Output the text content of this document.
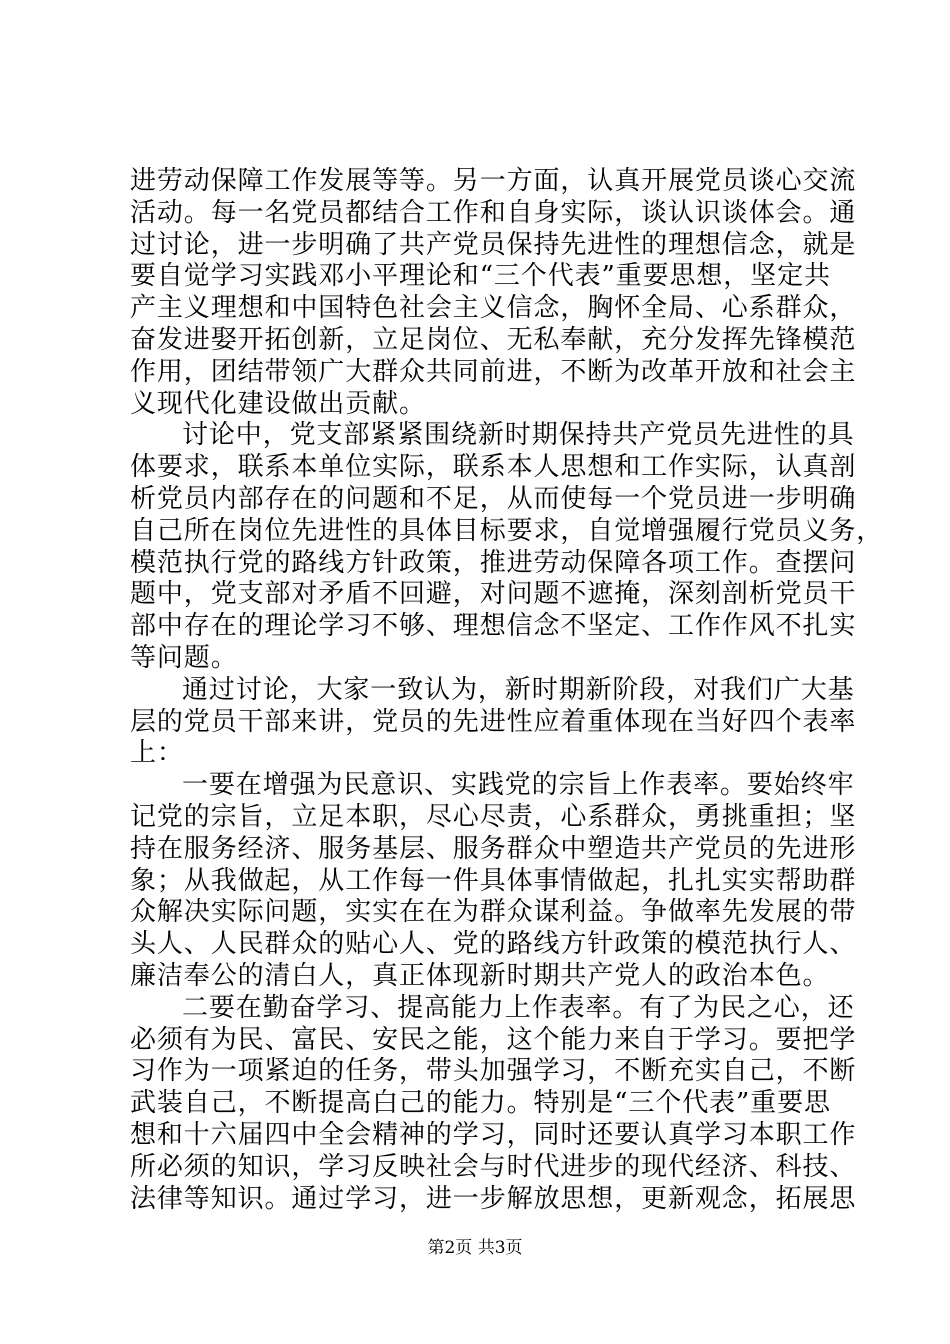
进劳动保障工作发展等等。另一方面，认真开展党员谈心交流
活动。每一名党员都结合工作和自身实际，谈认识谈体会。通
过讨论，进一步明确了共产党员保持先进性的理想信念，就是
要自觉学习实践邓小平理论和“三个代表”重要思想，坚定共
产主义理想和中国特色社会主义信念，胸怀全局、心系群众，
奋发进娶开拓创新，立足岗位、无私奉献，充分发挥先锋模范
作用，团结带领广大群众共同前进，不断为改革开放和社会主
义现代化建设做出贡献。
讨论中，党支部紧紧围绕新时期保持共产党员先进性的具
体要求，联系本单位实际，联系本人思想和工作实际，认真剖
析党员内部存在的问题和不足，从而使每一个党员进一步明确
自己所在岗位先进性的具体目标要求，自觉增强履行党员义务，
模范执行党的路线方针政策，推进劳动保障各项工作。查摆问
题中，党支部对矛盾不回避，对问题不遮掩，深刻剖析党员干
部中存在的理论学习不够、理想信念不坚定、工作作风不扎实
等问题。
通过讨论，大家一致认为，新时期新阶段，对我们广大基
层的党员干部来讲，党员的先进性应着重体现在当好四个表率
上：
一要在增强为民意识、实践党的宗旨上作表率。要始终牢
记党的宗旨，立足本职，尽心尽责，心系群众，勇挑重担；坚
持在服务经济、服务基层、服务群众中塑造共产党员的先进形
象；从我做起，从工作每一件具体事情做起，扎扎实实帮助群
众解决实际问题，实实在在为群众谋利益。争做率先发展的带
头人、人民群众的贴心人、党的路线方针政策的模范执行人、
廉洁奉公的清白人，真正体现新时期共产党人的政治本色。
二要在勤奋学习、提高能力上作表率。有了为民之心，还
必须有为民、富民、安民之能，这个能力来自于学习。要把学
习作为一项紧迫的任务，带头加强学习，不断充实自己，不断
武装自己，不断提高白己的能力。特别是“三个代表”重要思
想和十六届四中全会精神的学习，同时还要认真学习本职工作
所必须的知识，学习反映社会与时代进步的现代经济、科技、
法律等知识。通过学习，进一步解放思想，更新观念，拓展思
第2页 共3页
